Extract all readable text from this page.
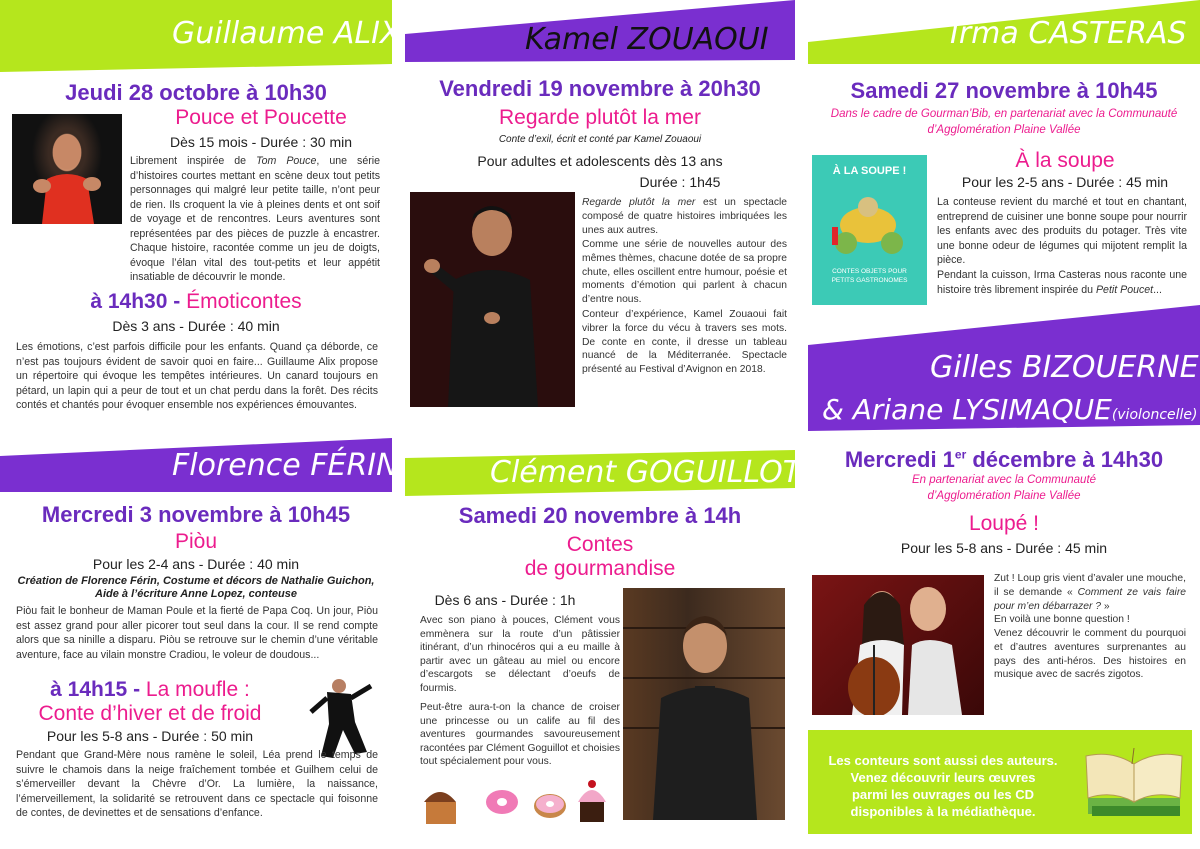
Guillaume ALIX
Jeudi 28 octobre à 10h30
Pouce et Poucette
Dès 15 mois - Durée : 30 min
Librement inspirée de Tom Pouce, une série d’histoires courtes mettant en scène deux tout petits personnages qui malgré leur petite taille, n’ont peur de rien. Ils croquent la vie à pleines dents et ont soif de voyage et de rencontres. Leurs aventures sont représentées par des pièces de puzzle à encastrer. Chaque histoire, racontée comme un jeu de doigts, évoque l’élan vital des tout-petits et leur appétit insatiable de découvrir le monde.
à 14h30 - Émoticontes
Dès 3 ans - Durée : 40 min
Les émotions, c’est parfois difficile pour les enfants. Quand ça déborde, ce n’est pas toujours évident de savoir quoi en faire... Guillaume Alix propose un répertoire qui évoque les tempêtes intérieures. Un canard toujours en pétard, un lapin qui a peur de tout et un chat perdu dans la forêt. Des récits contés et chantés pour évoquer ensemble nos expériences émouvantes.
Florence FÉRIN
Mercredi 3 novembre à 10h45
Piòu
Pour les 2-4 ans - Durée : 40 min
Création de Florence Férin, Costume et décors de Nathalie Guichon, Aide à l’écriture Anne Lopez, conteuse
Piòu fait le bonheur de Maman Poule et la fierté de Papa Coq. Un jour, Piòu est assez grand pour aller picorer tout seul dans la cour. Il se rend compte alors que sa ninille a disparu. Piòu se retrouve sur le chemin d’une véritable aventure, face au vilain monstre Cradiou, le voleur de doudous...
à 14h15 - La moufle :
Conte d’hiver et de froid
Pour les 5-8 ans - Durée : 50 min
Pendant que Grand-Mère nous ramène le soleil, Léa prend le temps de suivre le chamois dans la neige fraîchement tombée et Guilhem celui de s’émerveiller devant la Chèvre d’Or. La lumière, la naissance, l’émerveillement, la solidarité se retrouvent dans ce spectacle qui foisonne de contes, de devinettes et de sensations d’enfance.
Kamel ZOUAOUI
Vendredi 19 novembre à 20h30
Regarde plutôt la mer
Conte d’exil, écrit et conté par Kamel Zouaoui
Pour adultes et adolescents dès 13 ans
Durée : 1h45
Regarde plutôt la mer est un spectacle composé de quatre histoires imbriquées les unes aux autres.
Comme une série de nouvelles autour des mêmes thèmes, chacune dotée de sa propre chute, elles oscillent entre humour, poésie et moments d’émotion qui parlent à chacun d’entre nous.
Conteur d’expérience, Kamel Zouaoui fait vibrer la force du vécu à travers ses mots. De conte en conte, il dresse un tableau nuancé de la Méditerranée. Spectacle présenté au Festival d’Avignon en 2018.
Clément GOGUILLOT
Samedi 20 novembre à 14h
Contes
de gourmandise
Dès 6 ans - Durée : 1h
Avec son piano à pouces, Clément vous emmènera sur la route d’un pâtissier itinérant, d’un rhinocéros qui a eu maille à partir avec un gâteau au miel ou encore d’escargots se délectant d’oeufs de fourmis.
Peut-être aura-t-on la chance de croiser une princesse ou un calife au fil des aventures gourmandes savoureusement racontées par Clément Goguillot et choisies tout spécialement pour vous.
Irma CASTERAS
Samedi 27 novembre à 10h45
Dans le cadre de Gourman’Bib, en partenariat avec la Communauté d’Agglomération Plaine Vallée
À LA SOUPE !
CONTES OBJETS POUR PETITS GASTRONOMES
À la soupe
Pour les 2-5 ans - Durée : 45 min
La conteuse revient du marché et tout en chantant, entreprend de cuisiner une bonne soupe pour nourrir les enfants avec des produits du potager. Très vite une bonne odeur de légumes qui mijotent remplit la pièce.
Pendant la cuisson, Irma Casteras nous raconte une histoire très librement inspirée du Petit Poucet...
Gilles BIZOUERNE
& Ariane LYSIMAQUE(violoncelle)
Mercredi 1er décembre à 14h30
En partenariat avec la Communauté d’Agglomération Plaine Vallée
Loupé !
Pour les 5-8 ans - Durée : 45 min
Zut ! Loup gris vient d’avaler une mouche, il se demande « Comment ze vais faire pour m’en débarrazer ? »
En voilà une bonne question !
Venez découvrir le comment du pourquoi et d’autres aventures surprenantes au pays des anti-héros. Des histoires en musique avec de sacrés zigotos.
Les conteurs sont aussi des auteurs.
Venez découvrir leurs œuvres
parmi les ouvrages ou les CD
disponibles à la médiathèque.
